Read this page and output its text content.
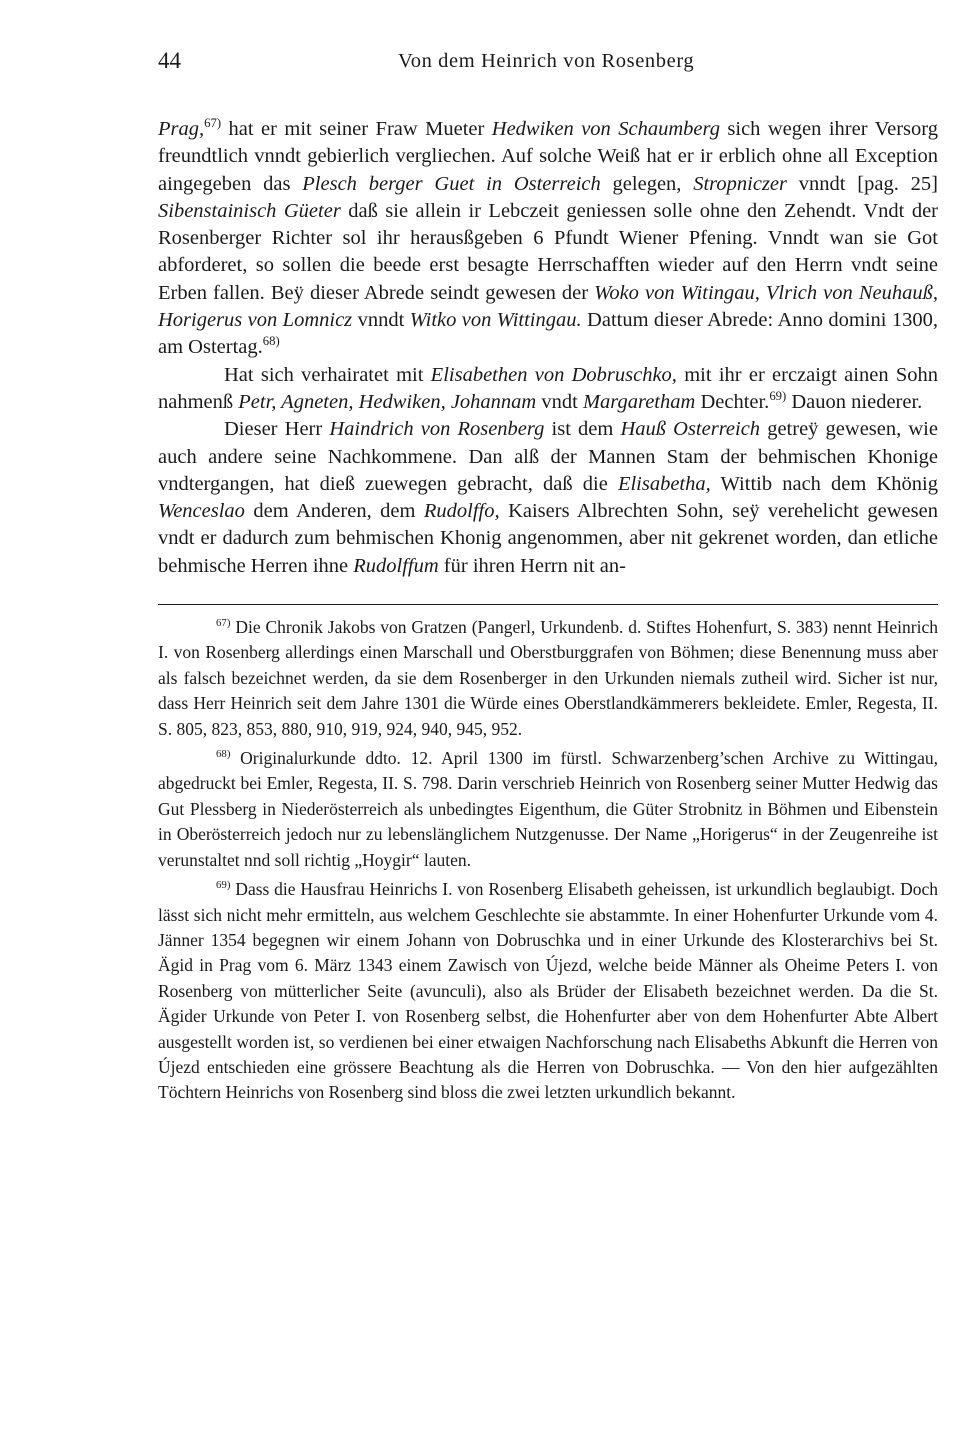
44	Von dem Heinrich von Rosenberg

Prag,$^{67)}$ hat er mit seiner Fraw Mueter Hedwiken von Schaumberg sich wegen ihrer Versorg freundtlich vnndt gebierlich vergliechen. Auf solche Weiß hat er ir erblich ohne all Exception aingegeben das Plesch berger Guet in Osterreich gelegen, Stropniczer vnndt [pag. 25] Sibenstainisch Güeter daß sie allein ir Lebczeit geniessen solle ohne den Zehendt. Vndt der Rosenberger Richter sol ihr herausßgeben 6 Pfundt Wiener Pfening. Vnndt wan sie Got abforderet, so sollen die beede erst besagte Herrschafften wieder auf den Herrn vndt seine Erben fallen. Beÿ dieser Abrede seindt gewesen der Woko von Witingau, Vlrich von Neuhauß, Horigerus von Lomnicz vnndt Witko von Wittingau. Dattum dieser Abrede: Anno domini 1300, am Ostertag.$^{68)}$

Hat sich verhairatet mit Elisabethen von Dobruschko, mit ihr er erczaigt ainen Sohn nahmenß Petr, Agneten, Hedwiken, Johannam vndt Margaretham Dechter.$^{69)}$ Dauon niederer.

Dieser Herr Haindrich von Rosenberg ist dem Hauß Osterreich getreÿ gewesen, wie auch andere seine Nachkommene. Dan alß der Mannen Stam der behmischen Khonige vndtergangen, hat dieß zuewegen gebracht, daß die Elisabetha, Wittib nach dem Khönig Wenceslao dem Anderen, dem Rudolffo, Kaisers Albrechten Sohn, seÿ verehelicht gewesen vndt er dadurch zum behmischen Khonig angenommen, aber nit gekrenet worden, dan etliche behmische Herren ihne Rudolffum für ihren Herrn nit an-

$^{67)}$ Die Chronik Jakobs von Gratzen (Pangerl, Urkundenb. d. Stiftes Hohenfurt, S. 383) nennt Heinrich I. von Rosenberg allerdings einen Marschall und Oberstburggrafen von Böhmen; diese Benennung muss aber als falsch bezeichnet werden, da sie dem Rosenberger in den Urkunden niemals zutheil wird. Sicher ist nur, dass Herr Heinrich seit dem Jahre 1301 die Würde eines Oberstlandkämmerers bekleidete. Emler, Regesta, II. S. 805, 823, 853, 880, 910, 919, 924, 940, 945, 952.

$^{68)}$ Originalurkunde ddto. 12. April 1300 im fürstl. Schwarzenberg’schen Archive zu Wittingau, abgedruckt bei Emler, Regesta, II. S. 798. Darin verschrieb Heinrich von Rosenberg seiner Mutter Hedwig das Gut Plessberg in Niederösterreich als unbedingtes Eigenthum, die Güter Strobnitz in Böhmen und Eibenstein in Oberösterreich jedoch nur zu lebenslänglichem Nutzgenusse. Der Name „Horigerus“ in der Zeugenreihe ist verunstaltet nnd soll richtig „Hoygir“ lauten.

$^{69)}$ Dass die Hausfrau Heinrichs I. von Rosenberg Elisabeth geheissen, ist urkundlich beglaubigt. Doch lässt sich nicht mehr ermitteln, aus welchem Geschlechte sie abstammte. In einer Hohenfurter Urkunde vom 4. Jänner 1354 begegnen wir einem Johann von Dobruschka und in einer Urkunde des Klosterarchivs bei St. Ägid in Prag vom 6. März 1343 einem Zawisch von Újezd, welche beide Männer als Oheime Peters I. von Rosenberg von mütterlicher Seite (avunculi), also als Brüder der Elisabeth bezeichnet werden. Da die St. Ägider Urkunde von Peter I. von Rosenberg selbst, die Hohenfurter aber von dem Hohenfurter Abte Albert ausgestellt worden ist, so verdienen bei einer etwaigen Nachforschung nach Elisabeths Abkunft die Herren von Újezd entschieden eine grössere Beachtung als die Herren von Dobruschka. — Von den hier aufgezählten Töchtern Heinrichs von Rosenberg sind bloss die zwei letzten urkundlich bekannt.
